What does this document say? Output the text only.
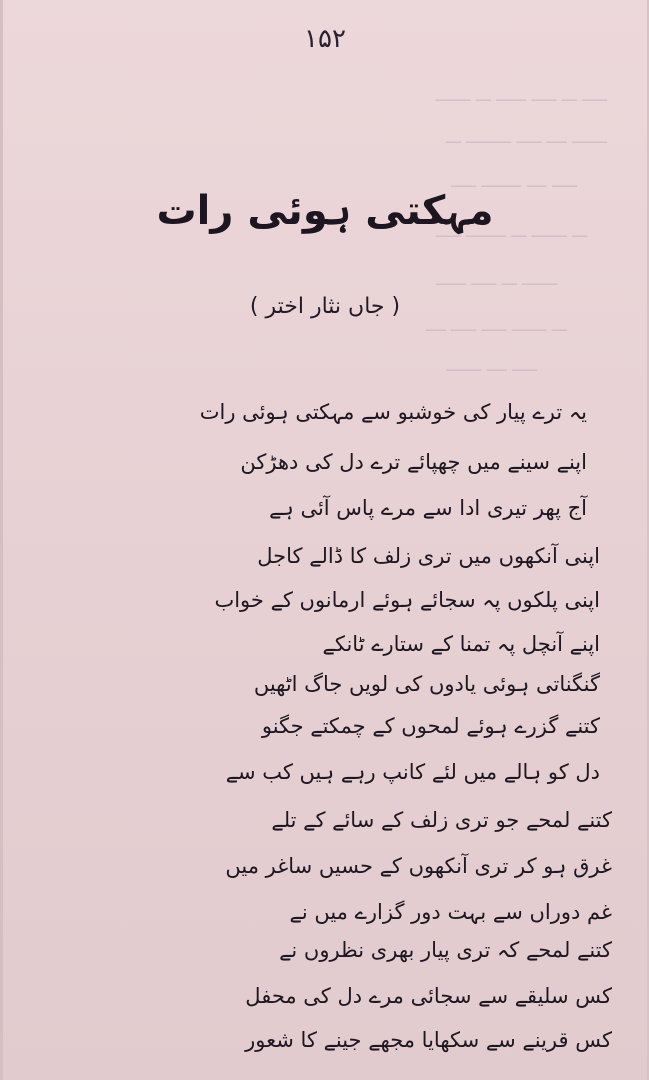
ـــــ ـــ ـــــ ــــــ ـــ ـــــــ
ـــــــ ــــ ـــــ ـــــــــ ـــ
ـــــ ــــ ــــــــ ـــــ
ـــ ـــــــ ـــ ــــــــ ـــــ
ـــــــ ـــ ـــــ ــــــ
ـــ ـــــــ ـــــ ـــــ ــــ
ـــــ ــــ ـــــــ
۱۵۲
مہکتی ہوئی رات
( جاں نثار اختر )
یہ ترے پیار کی خوشبو سے مہکتی ہوئی رات
اپنے سینے میں چھپائے ترے دل کی دھڑکن
آج پھر تیری ادا سے مرے پاس آئی ہے
اپنی آنکھوں میں تری زلف کا ڈالے کاجل
اپنی پلکوں پہ سجائے ہوئے ارمانوں کے خواب
اپنے آنچل پہ تمنا کے ستارے ٹانکے
گنگناتی ہوئی یادوں کی لویں جاگ اٹھیں
کتنے گزرے ہوئے لمحوں کے چمکتے جگنو
دل کو ہالے میں لئے کانپ رہے ہیں کب سے
کتنے لمحے جو تری زلف کے سائے کے تلے
غرق ہو کر تری آنکھوں کے حسیں ساغر میں
غم دوراں سے بہت دور گزارے میں نے
کتنے لمحے کہ تری پیار بھری نظروں نے
کس سلیقے سے سجائی مرے دل کی محفل
کس قرینے سے سکھایا مجھے جینے کا شعور
